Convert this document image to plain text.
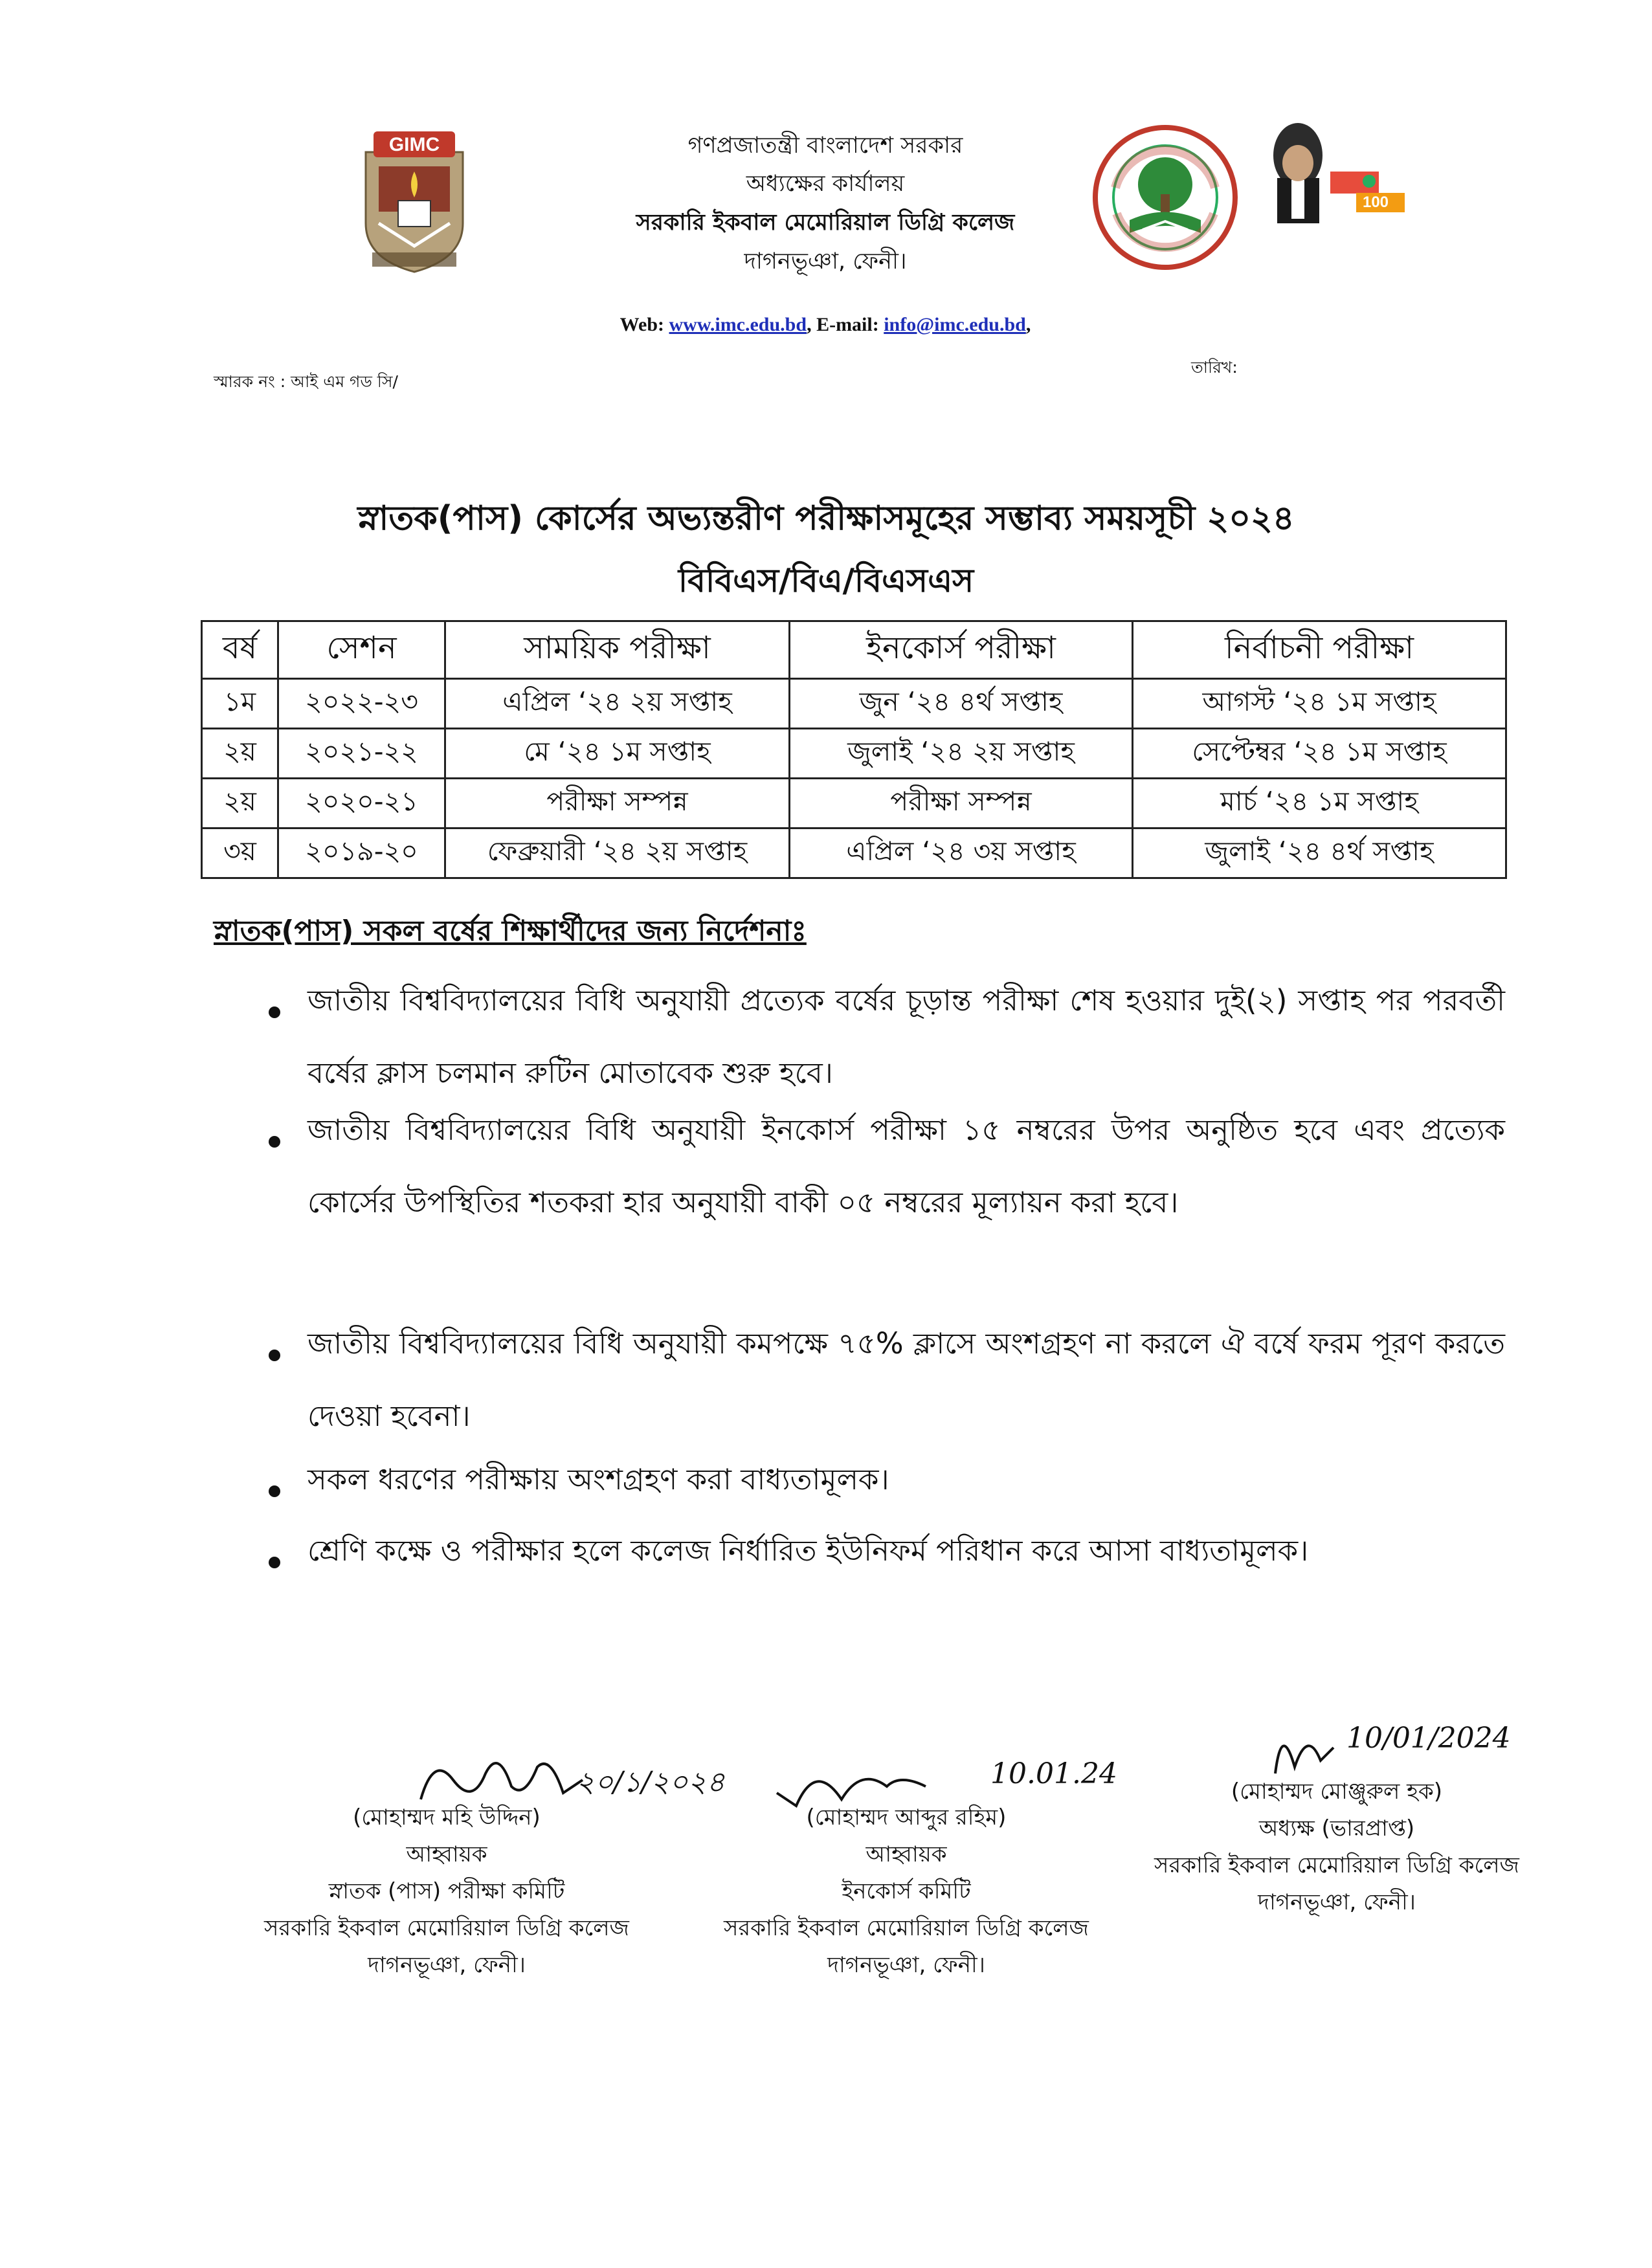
GIMC
100
গণপ্রজাতন্ত্রী বাংলাদেশ সরকার
অধ্যক্ষের কার্যালয়
সরকারি ইকবাল মেমোরিয়াল ডিগ্রি কলেজ
দাগনভূঞা, ফেনী।
Web: www.imc.edu.bd, E-mail: info@imc.edu.bd,
স্মারক নং : আই এম গড সি/
তারিখ:
স্নাতক(পাস) কোর্সের অভ্যন্তরীণ পরীক্ষাসমূহের সম্ভাব্য সময়সূচী ২০২৪
বিবিএস/বিএ/বিএসএস
বর্ষ	সেশন	সাময়িক পরীক্ষা	ইনকোর্স পরীক্ষা	নির্বাচনী পরীক্ষা
১ম	২০২২-২৩	এপ্রিল ‘২৪ ২য় সপ্তাহ	জুন ‘২৪ ৪র্থ সপ্তাহ	আগস্ট ‘২৪ ১ম সপ্তাহ
২য়	২০২১-২২	মে ‘২৪ ১ম সপ্তাহ	জুলাই ‘২৪ ২য় সপ্তাহ	সেপ্টেম্বর ‘২৪ ১ম সপ্তাহ
২য়	২০২০-২১	পরীক্ষা সম্পন্ন	পরীক্ষা সম্পন্ন	মার্চ ‘২৪ ১ম সপ্তাহ
৩য়	২০১৯-২০	ফেব্রুয়ারী ‘২৪ ২য় সপ্তাহ	এপ্রিল ‘২৪ ৩য় সপ্তাহ	জুলাই ‘২৪ ৪র্থ সপ্তাহ
স্নাতক(পাস) সকল বর্ষের শিক্ষার্থীদের জন্য নির্দেশনাঃ
জাতীয় বিশ্ববিদ্যালয়ের বিধি অনুযায়ী প্রত্যেক বর্ষের চূড়ান্ত পরীক্ষা শেষ হওয়ার দুই(২) সপ্তাহ পর পরবর্তী বর্ষের ক্লাস চলমান রুটিন মোতাবেক শুরু হবে।
জাতীয় বিশ্ববিদ্যালয়ের বিধি অনুযায়ী ইনকোর্স পরীক্ষা ১৫ নম্বরের উপর অনুষ্ঠিত হবে এবং প্রত্যেক কোর্সের উপস্থিতির শতকরা হার অনুযায়ী বাকী ০৫ নম্বরের মূল্যায়ন করা হবে।
জাতীয় বিশ্ববিদ্যালয়ের বিধি অনুযায়ী কমপক্ষে ৭৫% ক্লাসে অংশগ্রহণ না করলে ঐ বর্ষে ফরম পূরণ করতে দেওয়া হবেনা।
সকল ধরণের পরীক্ষায় অংশগ্রহণ করা বাধ্যতামূলক।
শ্রেণি কক্ষে ও পরীক্ষার হলে কলেজ নির্ধারিত ইউনিফর্ম পরিধান করে আসা বাধ্যতামূলক।
২০/১/২০২৪
(মোহাম্মদ মহি উদ্দিন)
আহ্বায়ক
স্নাতক (পাস) পরীক্ষা কমিটি
সরকারি ইকবাল মেমোরিয়াল ডিগ্রি কলেজ
দাগনভূঞা, ফেনী।
10.01.24
(মোহাম্মদ আব্দুর রহিম)
আহ্বায়ক
ইনকোর্স কমিটি
সরকারি ইকবাল মেমোরিয়াল ডিগ্রি কলেজ
দাগনভূঞা, ফেনী।
10/01/2024
(মোহাম্মদ মোঞ্জুরুল হক)
অধ্যক্ষ (ভারপ্রাপ্ত)
সরকারি ইকবাল মেমোরিয়াল ডিগ্রি কলেজ
দাগনভূঞা, ফেনী।
